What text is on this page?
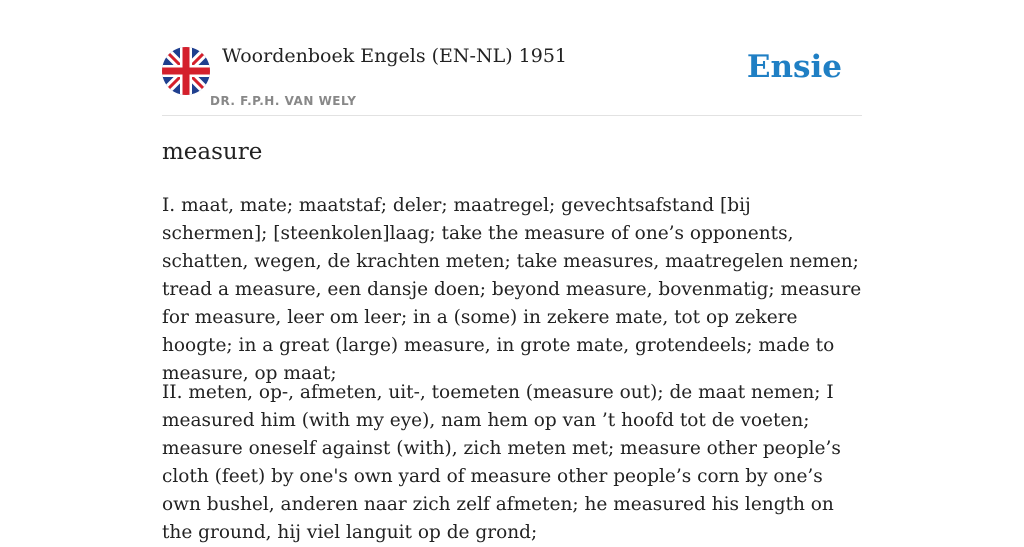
Woordenboek Engels (EN-NL) 1951
DR. F.P.H. VAN WELY
Ensie
measure

I. maat, mate; maatstaf; deler; maatregel; gevechtsafstand [bij schermen]; [steenkolen]laag; take the measure of one’s opponents, schatten, wegen, de krachten meten; take measures, maatregelen nemen; tread a measure, een dansje doen; beyond measure, bovenmatig; measure for measure, leer om leer; in a (some) in zekere mate, tot op zekere hoogte; in a great (large) measure, in grote mate, grotendeels; made to measure, op maat;

II. meten, op-, afmeten, uit-, toemeten (measure out); de maat nemen; I measured him (with my eye), nam hem op van ’t hoofd tot de voeten; measure oneself against (with), zich meten met; measure other people’s cloth (feet) by one's own yard of measure other people’s corn by one’s own bushel, anderen naar zich zelf afmeten; he measured his length on the ground, hij viel languit op de grond;
